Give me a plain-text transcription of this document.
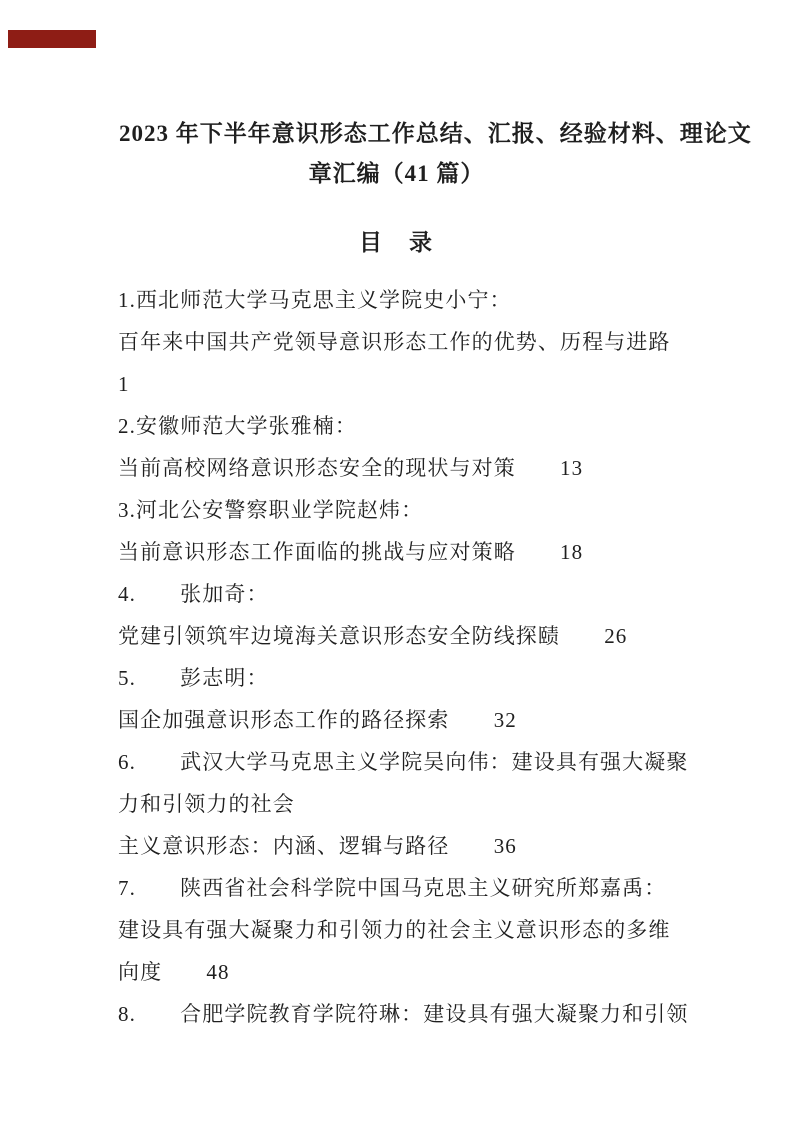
2023 年下半年意识形态工作总结、汇报、经验材料、理论文
章汇编（41 篇）
目　录
1.西北师范大学马克思主义学院史小宁：
百年来中国共产党领导意识形态工作的优势、历程与进路
1
2.安徽师范大学张雅楠：
当前高校网络意识形态安全的现状与对策　　13
3.河北公安警察职业学院赵炜：
当前意识形态工作面临的挑战与应对策略　　18
4.　　张加奇：
党建引领筑牢边境海关意识形态安全防线探赜　　26
5.　　彭志明：
国企加强意识形态工作的路径探索　　32
6.　　武汉大学马克思主义学院吴向伟：建设具有强大凝聚
力和引领力的社会
主义意识形态：内涵、逻辑与路径　　36
7.　　陕西省社会科学院中国马克思主义研究所郑嘉禹：
建设具有强大凝聚力和引领力的社会主义意识形态的多维
向度　　48
8.　　合肥学院教育学院符琳：建设具有强大凝聚力和引领
